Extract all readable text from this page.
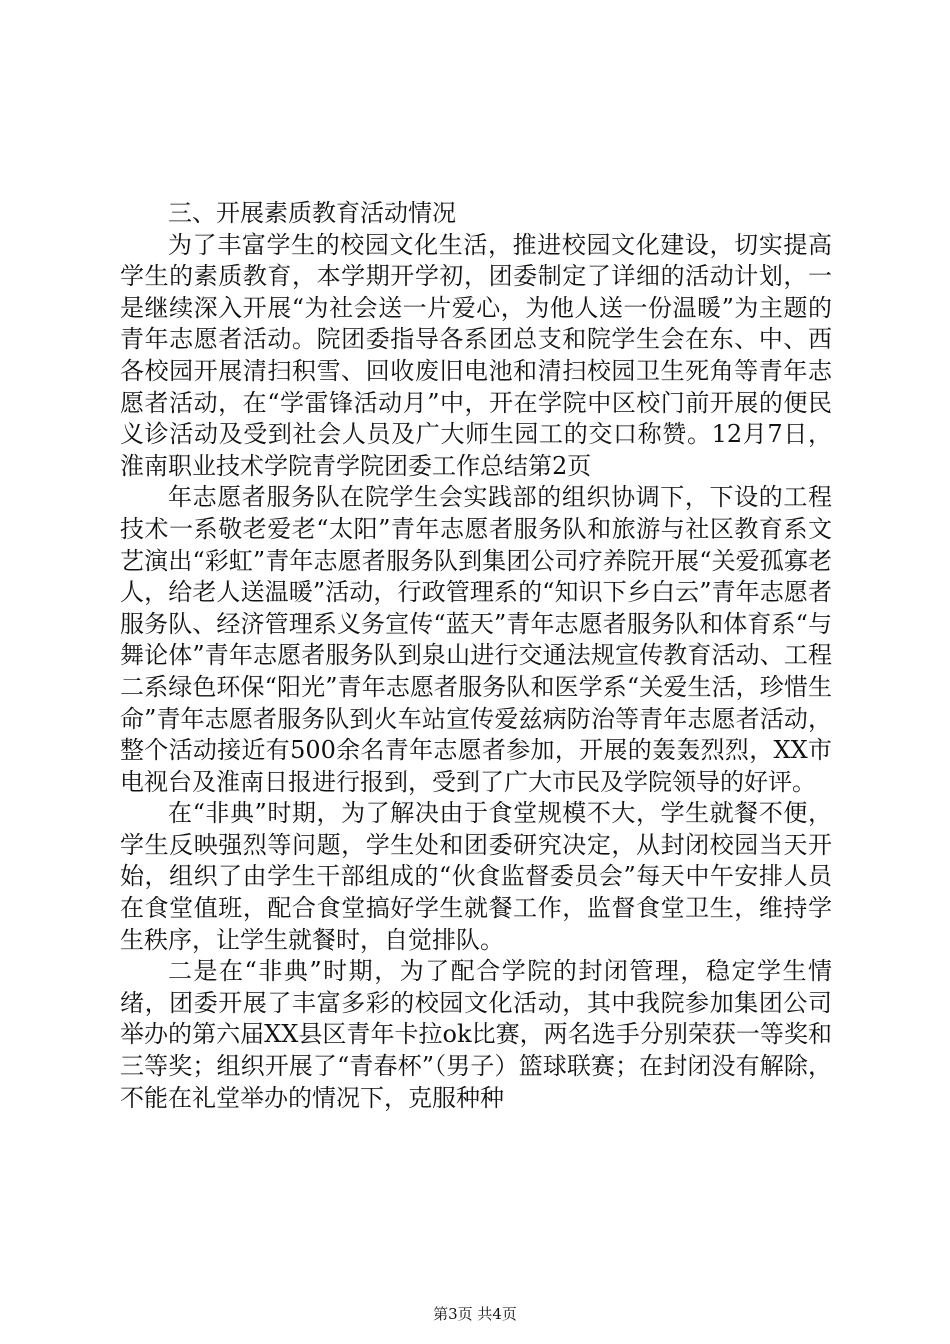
三、开展素质教育活动情况

为了丰富学生的校园文化生活，推进校园文化建设，切实提高学生的素质教育，本学期开学初，团委制定了详细的活动计划，一是继续深入开展“为社会送一片爱心，为他人送一份温暖”为主题的青年志愿者活动。院团委指导各系团总支和院学生会在东、中、西各校园开展清扫积雪、回收废旧电池和清扫校园卫生死角等青年志愿者活动，在“学雷锋活动月”中，开在学院中区校门前开展的便民义诊活动及受到社会人员及广大师生园工的交口称赞。12月7日，淮南职业技术学院青学院团委工作总结第2页

年志愿者服务队在院学生会实践部的组织协调下，下设的工程技术一系敬老爱老“太阳”青年志愿者服务队和旅游与社区教育系文艺演出“彩虹”青年志愿者服务队到集团公司疗养院开展“关爱孤寡老人，给老人送温暖”活动，行政管理系的“知识下乡白云”青年志愿者服务队、经济管理系义务宣传“蓝天”青年志愿者服务队和体育系“与舞论体”青年志愿者服务队到泉山进行交通法规宣传教育活动、工程二系绿色环保“阳光”青年志愿者服务队和医学系“关爱生活，珍惜生命”青年志愿者服务队到火车站宣传爱兹病防治等青年志愿者活动，整个活动接近有500余名青年志愿者参加，开展的轰轰烈烈，XX市电视台及淮南日报进行报到，受到了广大市民及学院领导的好评。

在“非典”时期，为了解决由于食堂规模不大，学生就餐不便，学生反映强烈等问题，学生处和团委研究决定，从封闭校园当天开始，组织了由学生干部组成的“伙食监督委员会”每天中午安排人员在食堂值班，配合食堂搞好学生就餐工作，监督食堂卫生，维持学生秩序，让学生就餐时，自觉排队。

二是在“非典”时期，为了配合学院的封闭管理，稳定学生情绪，团委开展了丰富多彩的校园文化活动，其中我院参加集团公司举办的第六届XX县区青年卡拉ok比赛，两名选手分别荣获一等奖和三等奖；组织开展了“青春杯”（男子）篮球联赛；在封闭没有解除，不能在礼堂举办的情况下，克服种种

第3页 共4页
